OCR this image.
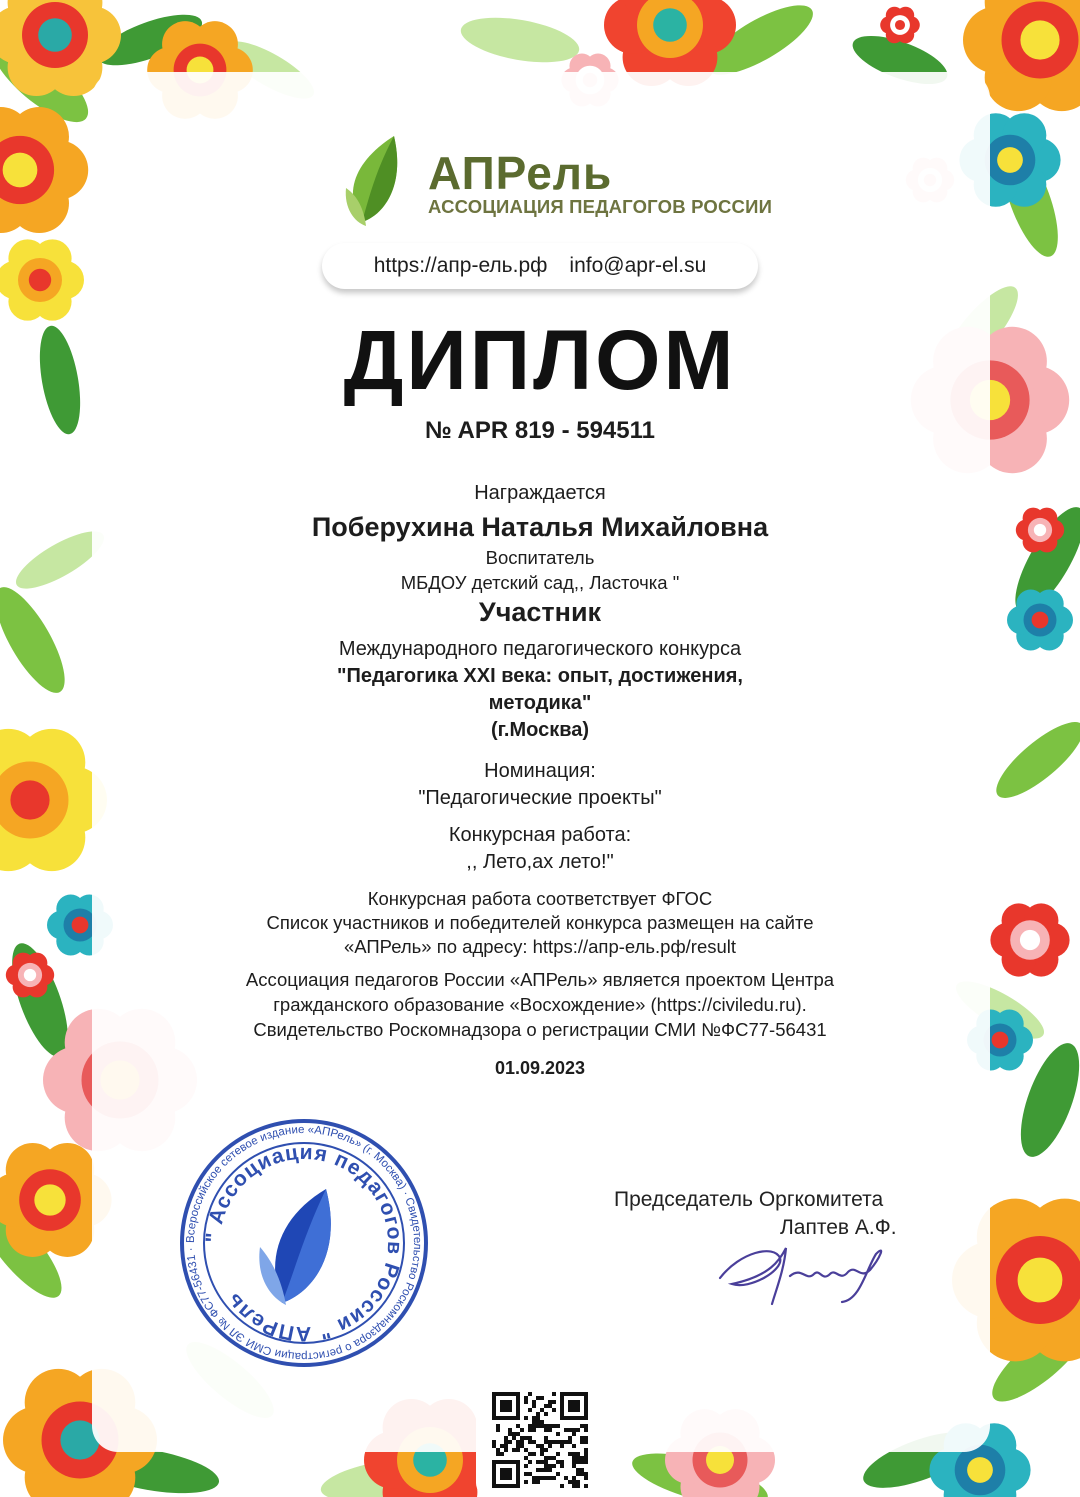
АПРель
АССОЦИАЦИЯ ПЕДАГОГОВ РОССИИ
https://апр-ель.рф info@apr-el.su
ДИПЛОМ
№ APR 819 - 594511
Награждается
Поберухина Наталья Михайловна
Воспитатель
МБДОУ детский сад,, Ласточка "
Участник
Международного педагогического конкурса
"Педагогика XXI века: опыт, достижения,
методика"
(г.Москва)
Номинация:
"Педагогические проекты"
Конкурсная работа:
,, Лето,ах лето!"
Конкурсная работа соответствует ФГОС
Список участников и победителей конкурса размещен на сайте
«АПРель» по адресу: https://апр-ель.рф/result
Ассоциация педагогов России «АПРель» является проектом Центра
гражданского образование «Восхождение» (https://civiledu.ru).
Свидетельство Роскомнадзора о регистрации СМИ №ФС77-56431
01.09.2023
Всероссийское сетевое издание «АПРель» (г. Москва) · Свидетельство Роскомнадзора о регистрации СМИ ЭЛ № ФС77-56431 ·
" Ассоциация педагогов России " АПРель
Председатель Оргкомитета
Лаптев А.Ф.
